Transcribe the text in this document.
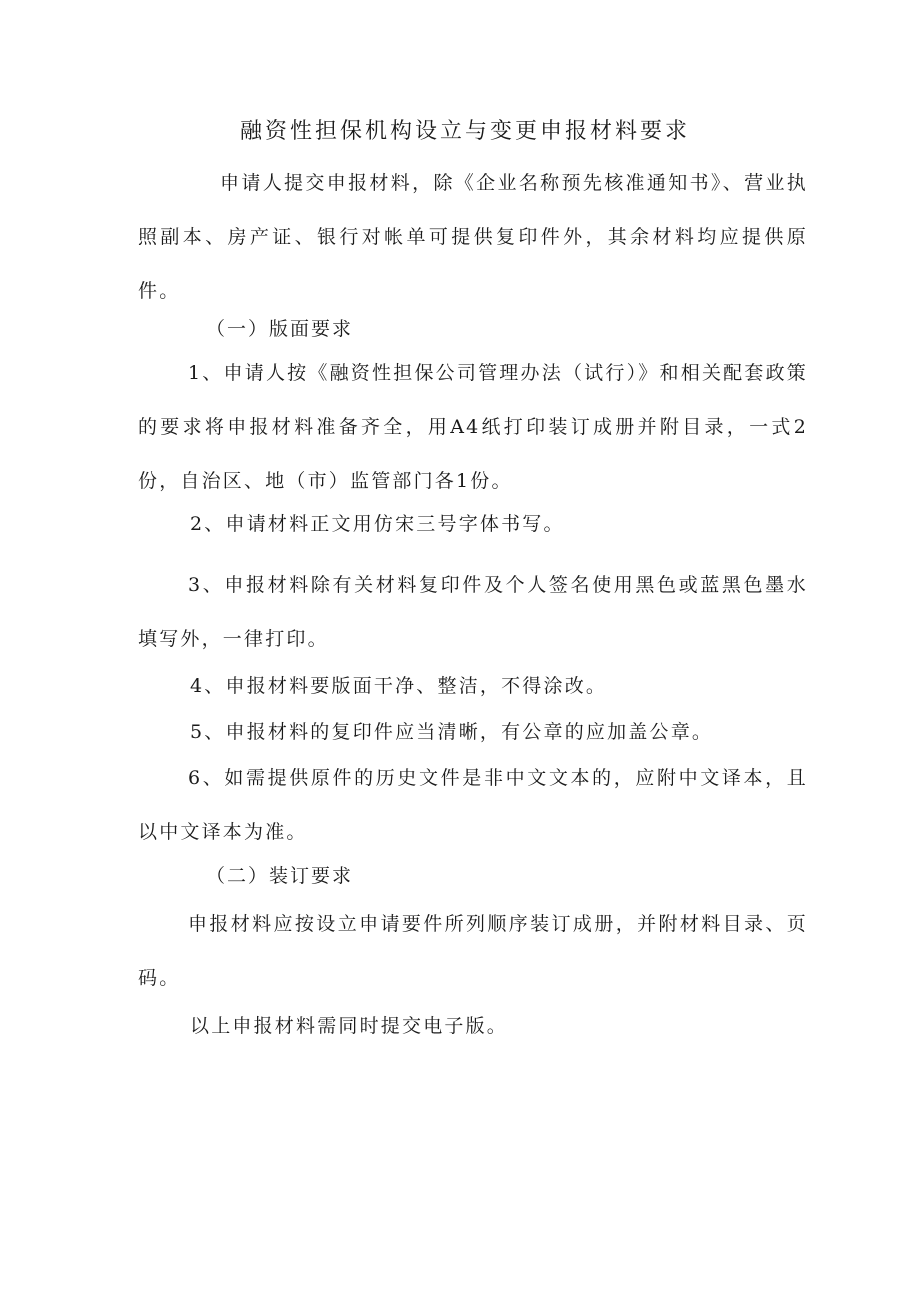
融资性担保机构设立与变更申报材料要求
申请人提交申报材料，除《企业名称预先核准通知书》、营业执照副本、房产证、银行对帐单可提供复印件外，其余材料均应提供原件。
（一）版面要求
1、申请人按《融资性担保公司管理办法（试行）》和相关配套政策的要求将申报材料准备齐全，用A4纸打印装订成册并附目录，一式2份，自治区、地（市）监管部门各1份。
2、申请材料正文用仿宋三号字体书写。
3、申报材料除有关材料复印件及个人签名使用黑色或蓝黑色墨水填写外，一律打印。
4、申报材料要版面干净、整洁，不得涂改。
5、申报材料的复印件应当清晰，有公章的应加盖公章。
6、如需提供原件的历史文件是非中文文本的，应附中文译本，且以中文译本为准。
（二）装订要求
申报材料应按设立申请要件所列顺序装订成册，并附材料目录、页码。
以上申报材料需同时提交电子版。
